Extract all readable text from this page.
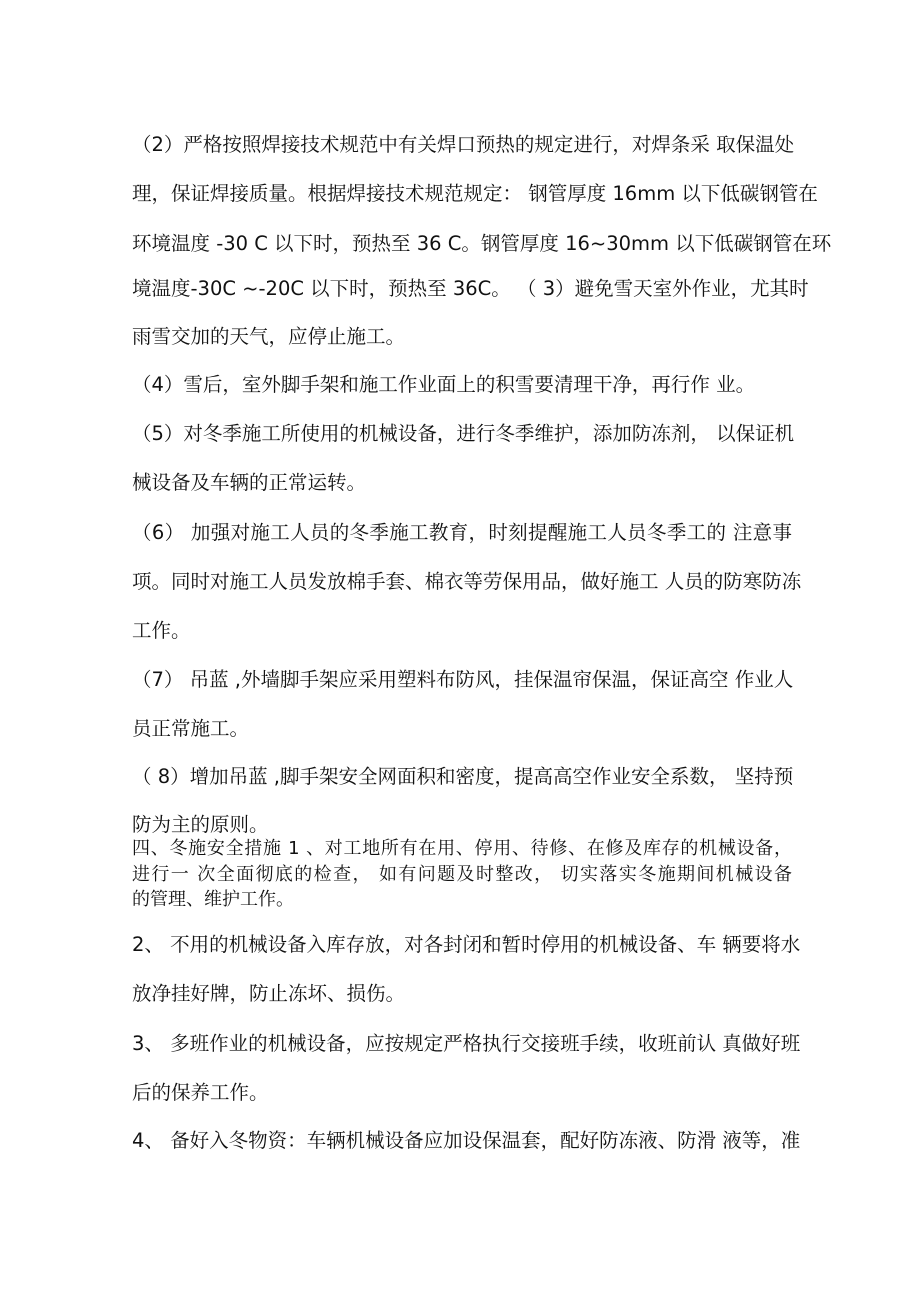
（2）严格按照焊接技术规范中有关焊口预热的规定进行，对焊条采 取保温处
理，保证焊接质量。根据焊接技术规范规定： 钢管厚度 16mm 以下低碳钢管在
环境温度 -30 C 以下时，预热至 36 C。钢管厚度 16~30mm 以下低碳钢管在环
境温度-30C ~-20C 以下时，预热至 36C。 （ 3）避免雪天室外作业，尤其时
雨雪交加的天气，应停止施工。
（4）雪后，室外脚手架和施工作业面上的积雪要清理干净，再行作 业。
（5）对冬季施工所使用的机械设备，进行冬季维护，添加防冻剂， 以保证机
械设备及车辆的正常运转。
（6） 加强对施工人员的冬季施工教育，时刻提醒施工人员冬季工的 注意事
项。同时对施工人员发放棉手套、棉衣等劳保用品，做好施工 人员的防寒防冻
工作。
（7） 吊蓝 ,外墙脚手架应采用塑料布防风，挂保温帘保温，保证高空 作业人
员正常施工。
（ 8）增加吊蓝 ,脚手架安全网面积和密度，提高高空作业安全系数， 坚持预
防为主的原则。
四、冬施安全措施 1 、对工地所有在用、停用、待修、在修及库存的机械设备，
进行一 次全面彻底的检查， 如有问题及时整改， 切实落实冬施期间机械设备
的管理、维护工作。
2、 不用的机械设备入库存放，对各封闭和暂时停用的机械设备、车 辆要将水
放净挂好牌，防止冻坏、损伤。
3、 多班作业的机械设备，应按规定严格执行交接班手续，收班前认 真做好班
后的保养工作。
4、 备好入冬物资：车辆机械设备应加设保温套，配好防冻液、防滑 液等，准
